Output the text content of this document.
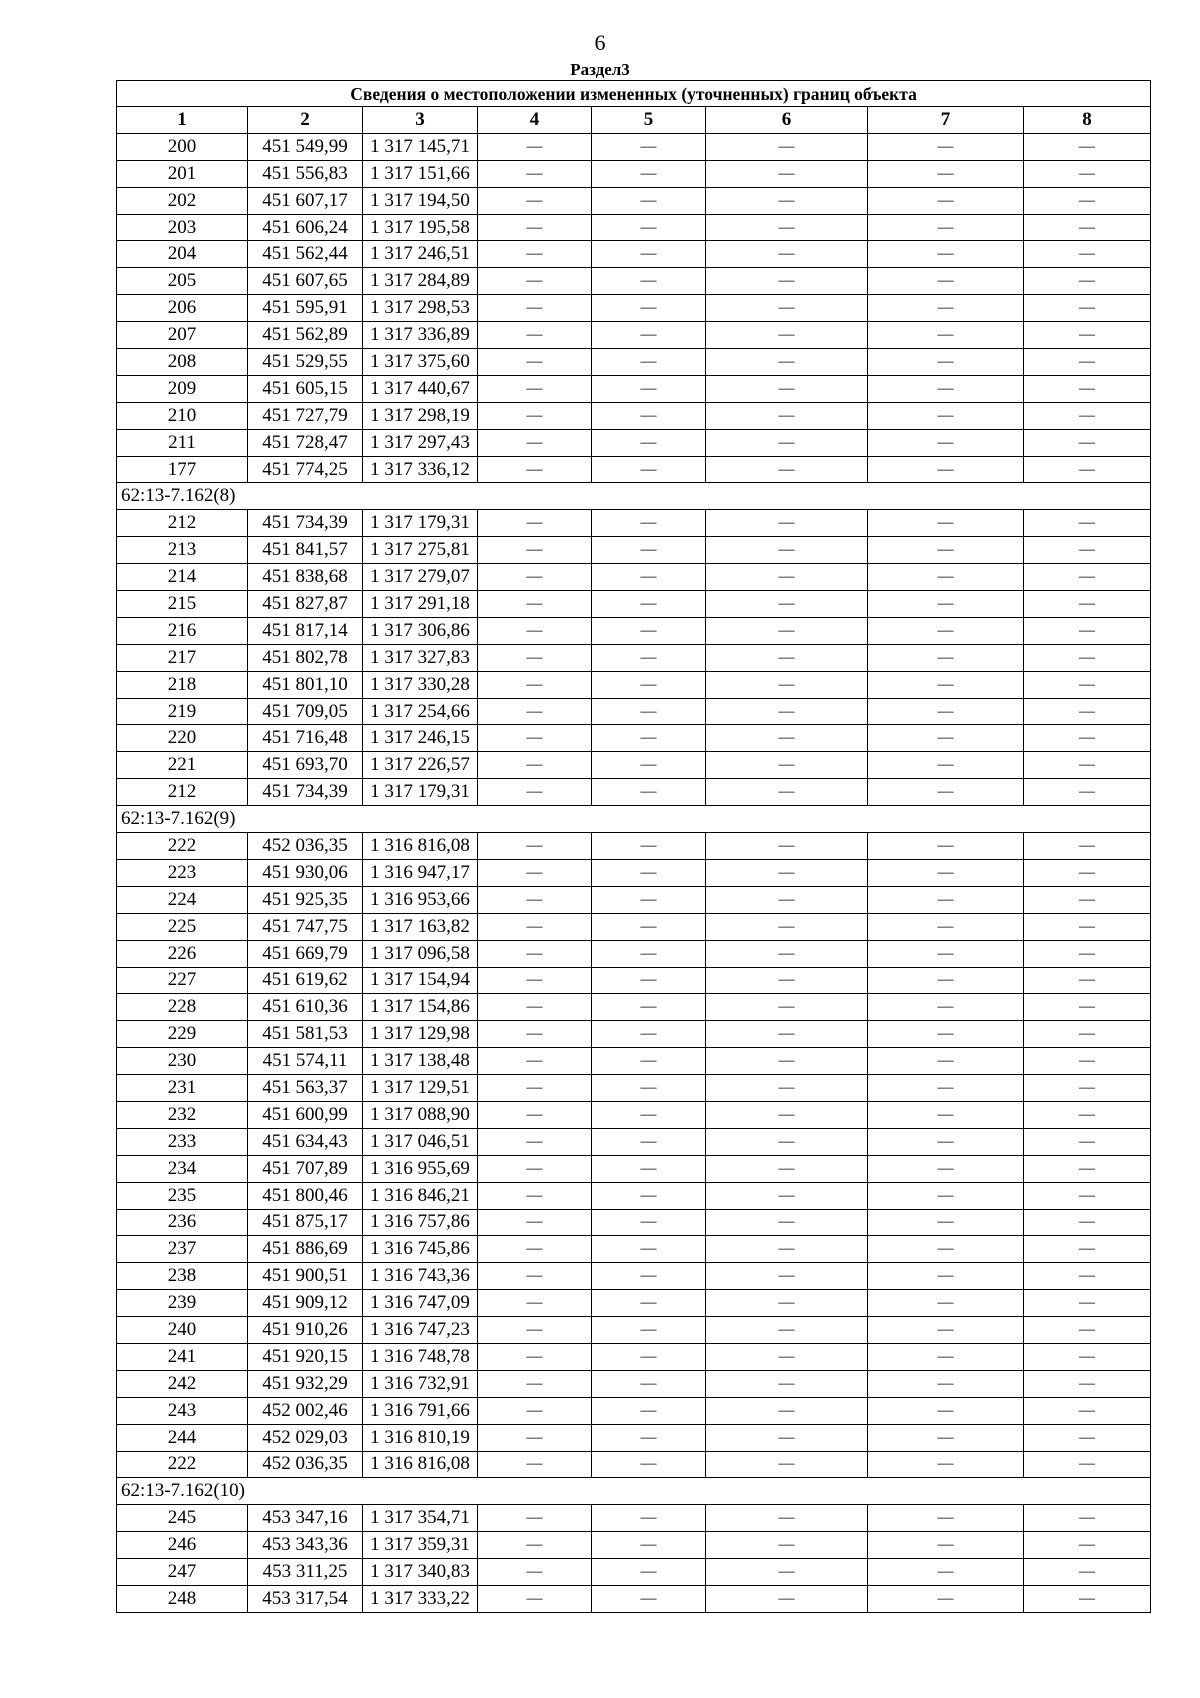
6
Раздел3
Сведения о местоположении измененных (уточненных) границ объекта							
1	2	3	4	5	6	7	8
200	451 549,99	1 317 145,71	—	—	—	—	—
201	451 556,83	1 317 151,66	—	—	—	—	—
202	451 607,17	1 317 194,50	—	—	—	—	—
203	451 606,24	1 317 195,58	—	—	—	—	—
204	451 562,44	1 317 246,51	—	—	—	—	—
205	451 607,65	1 317 284,89	—	—	—	—	—
206	451 595,91	1 317 298,53	—	—	—	—	—
207	451 562,89	1 317 336,89	—	—	—	—	—
208	451 529,55	1 317 375,60	—	—	—	—	—
209	451 605,15	1 317 440,67	—	—	—	—	—
210	451 727,79	1 317 298,19	—	—	—	—	—
211	451 728,47	1 317 297,43	—	—	—	—	—
177	451 774,25	1 317 336,12	—	—	—	—	—
62:13-7.162(8)							
212	451 734,39	1 317 179,31	—	—	—	—	—
213	451 841,57	1 317 275,81	—	—	—	—	—
214	451 838,68	1 317 279,07	—	—	—	—	—
215	451 827,87	1 317 291,18	—	—	—	—	—
216	451 817,14	1 317 306,86	—	—	—	—	—
217	451 802,78	1 317 327,83	—	—	—	—	—
218	451 801,10	1 317 330,28	—	—	—	—	—
219	451 709,05	1 317 254,66	—	—	—	—	—
220	451 716,48	1 317 246,15	—	—	—	—	—
221	451 693,70	1 317 226,57	—	—	—	—	—
212	451 734,39	1 317 179,31	—	—	—	—	—
62:13-7.162(9)							
222	452 036,35	1 316 816,08	—	—	—	—	—
223	451 930,06	1 316 947,17	—	—	—	—	—
224	451 925,35	1 316 953,66	—	—	—	—	—
225	451 747,75	1 317 163,82	—	—	—	—	—
226	451 669,79	1 317 096,58	—	—	—	—	—
227	451 619,62	1 317 154,94	—	—	—	—	—
228	451 610,36	1 317 154,86	—	—	—	—	—
229	451 581,53	1 317 129,98	—	—	—	—	—
230	451 574,11	1 317 138,48	—	—	—	—	—
231	451 563,37	1 317 129,51	—	—	—	—	—
232	451 600,99	1 317 088,90	—	—	—	—	—
233	451 634,43	1 317 046,51	—	—	—	—	—
234	451 707,89	1 316 955,69	—	—	—	—	—
235	451 800,46	1 316 846,21	—	—	—	—	—
236	451 875,17	1 316 757,86	—	—	—	—	—
237	451 886,69	1 316 745,86	—	—	—	—	—
238	451 900,51	1 316 743,36	—	—	—	—	—
239	451 909,12	1 316 747,09	—	—	—	—	—
240	451 910,26	1 316 747,23	—	—	—	—	—
241	451 920,15	1 316 748,78	—	—	—	—	—
242	451 932,29	1 316 732,91	—	—	—	—	—
243	452 002,46	1 316 791,66	—	—	—	—	—
244	452 029,03	1 316 810,19	—	—	—	—	—
222	452 036,35	1 316 816,08	—	—	—	—	—
62:13-7.162(10)							
245	453 347,16	1 317 354,71	—	—	—	—	—
246	453 343,36	1 317 359,31	—	—	—	—	—
247	453 311,25	1 317 340,83	—	—	—	—	—
248	453 317,54	1 317 333,22	—	—	—	—	—
